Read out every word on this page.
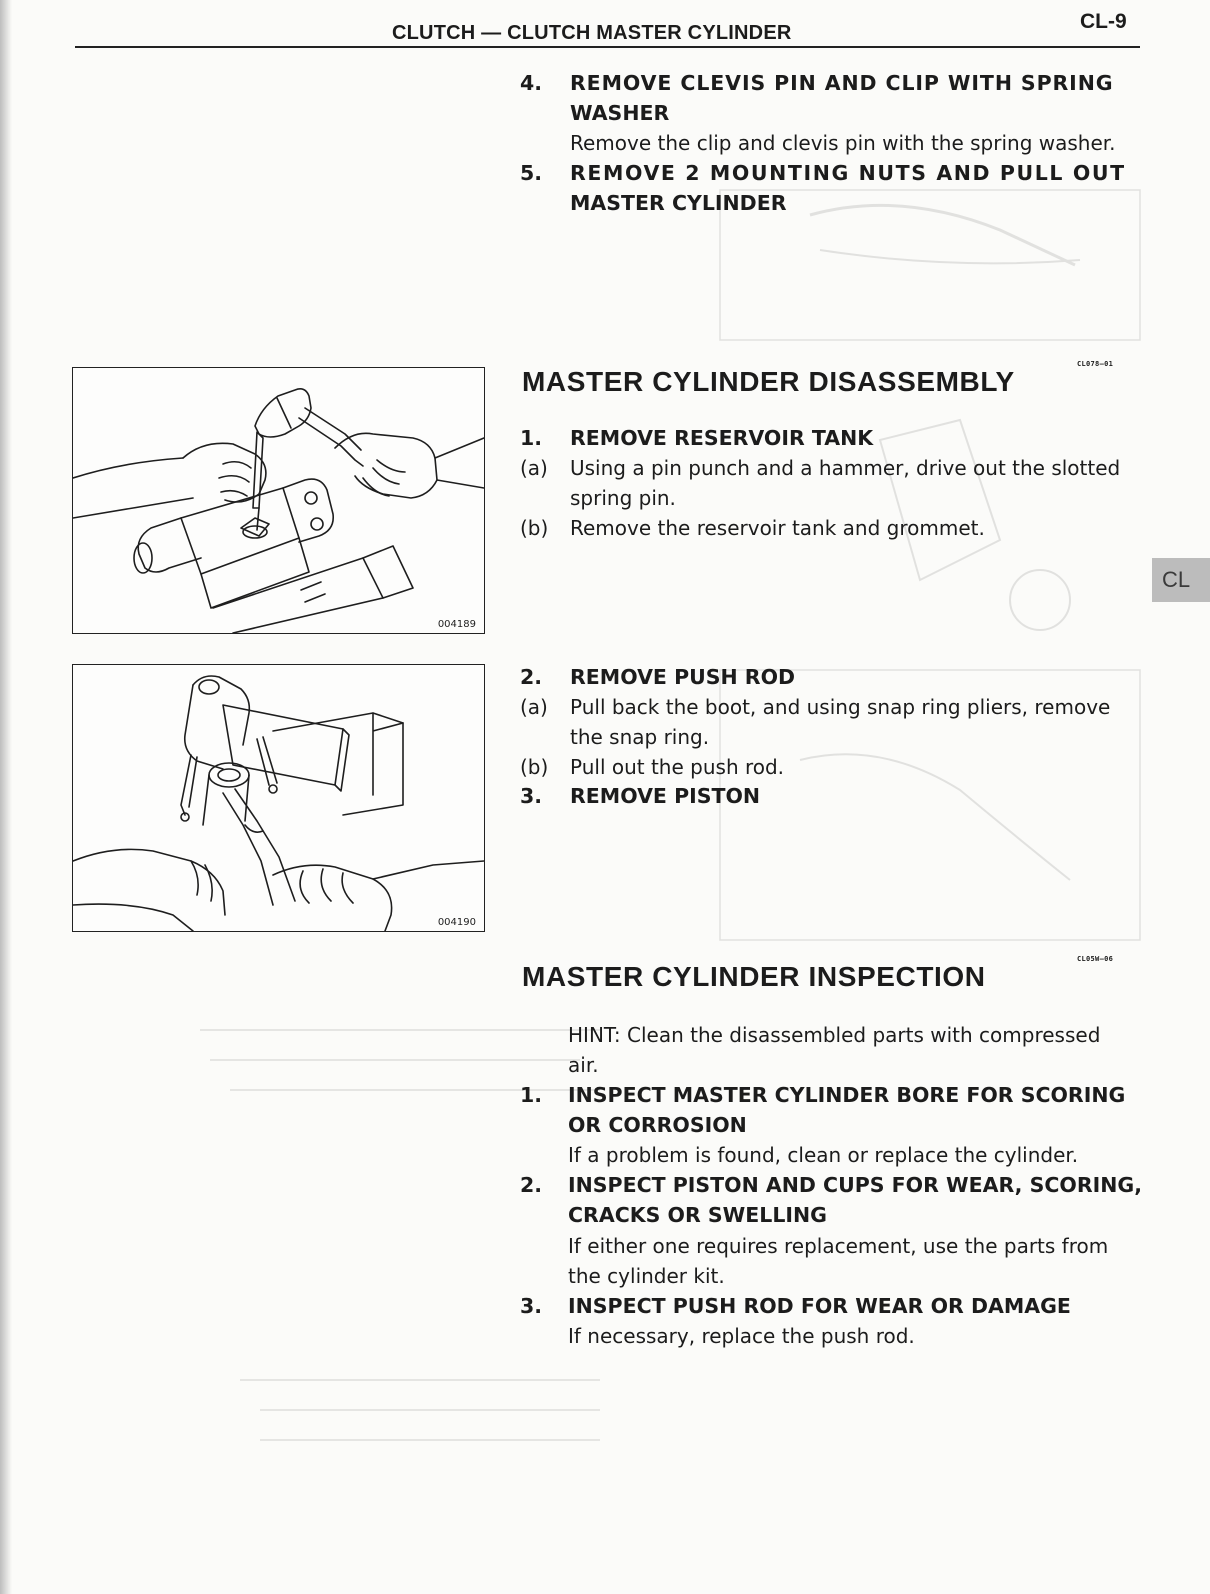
CLUTCH — CLUTCH MASTER CYLINDER	CL-9
4. REMOVE CLEVIS PIN AND CLIP WITH SPRING
WASHER
Remove the clip and clevis pin with the spring washer.
5. REMOVE 2 MOUNTING NUTS AND PULL OUT
MASTER CYLINDER
MASTER CYLINDER DISASSEMBLY
CL078–01
004189
1. REMOVE RESERVOIR TANK
(a) Using a pin punch and a hammer, drive out the slotted
spring pin.
(b) Remove the reservoir tank and grommet.
004190
2. REMOVE PUSH ROD
(a) Pull back the boot, and using snap ring pliers, remove
the snap ring.
(b) Pull out the push rod.
3. REMOVE PISTON
MASTER CYLINDER INSPECTION
CL05W–06
HINT: Clean the disassembled parts with compressed
air.
1. INSPECT MASTER CYLINDER BORE FOR SCORING
OR CORROSION
If a problem is found, clean or replace the cylinder.
2. INSPECT PISTON AND CUPS FOR WEAR, SCORING,
CRACKS OR SWELLING
If either one requires replacement, use the parts from
the cylinder kit.
3. INSPECT PUSH ROD FOR WEAR OR DAMAGE
If necessary, replace the push rod.
CL
